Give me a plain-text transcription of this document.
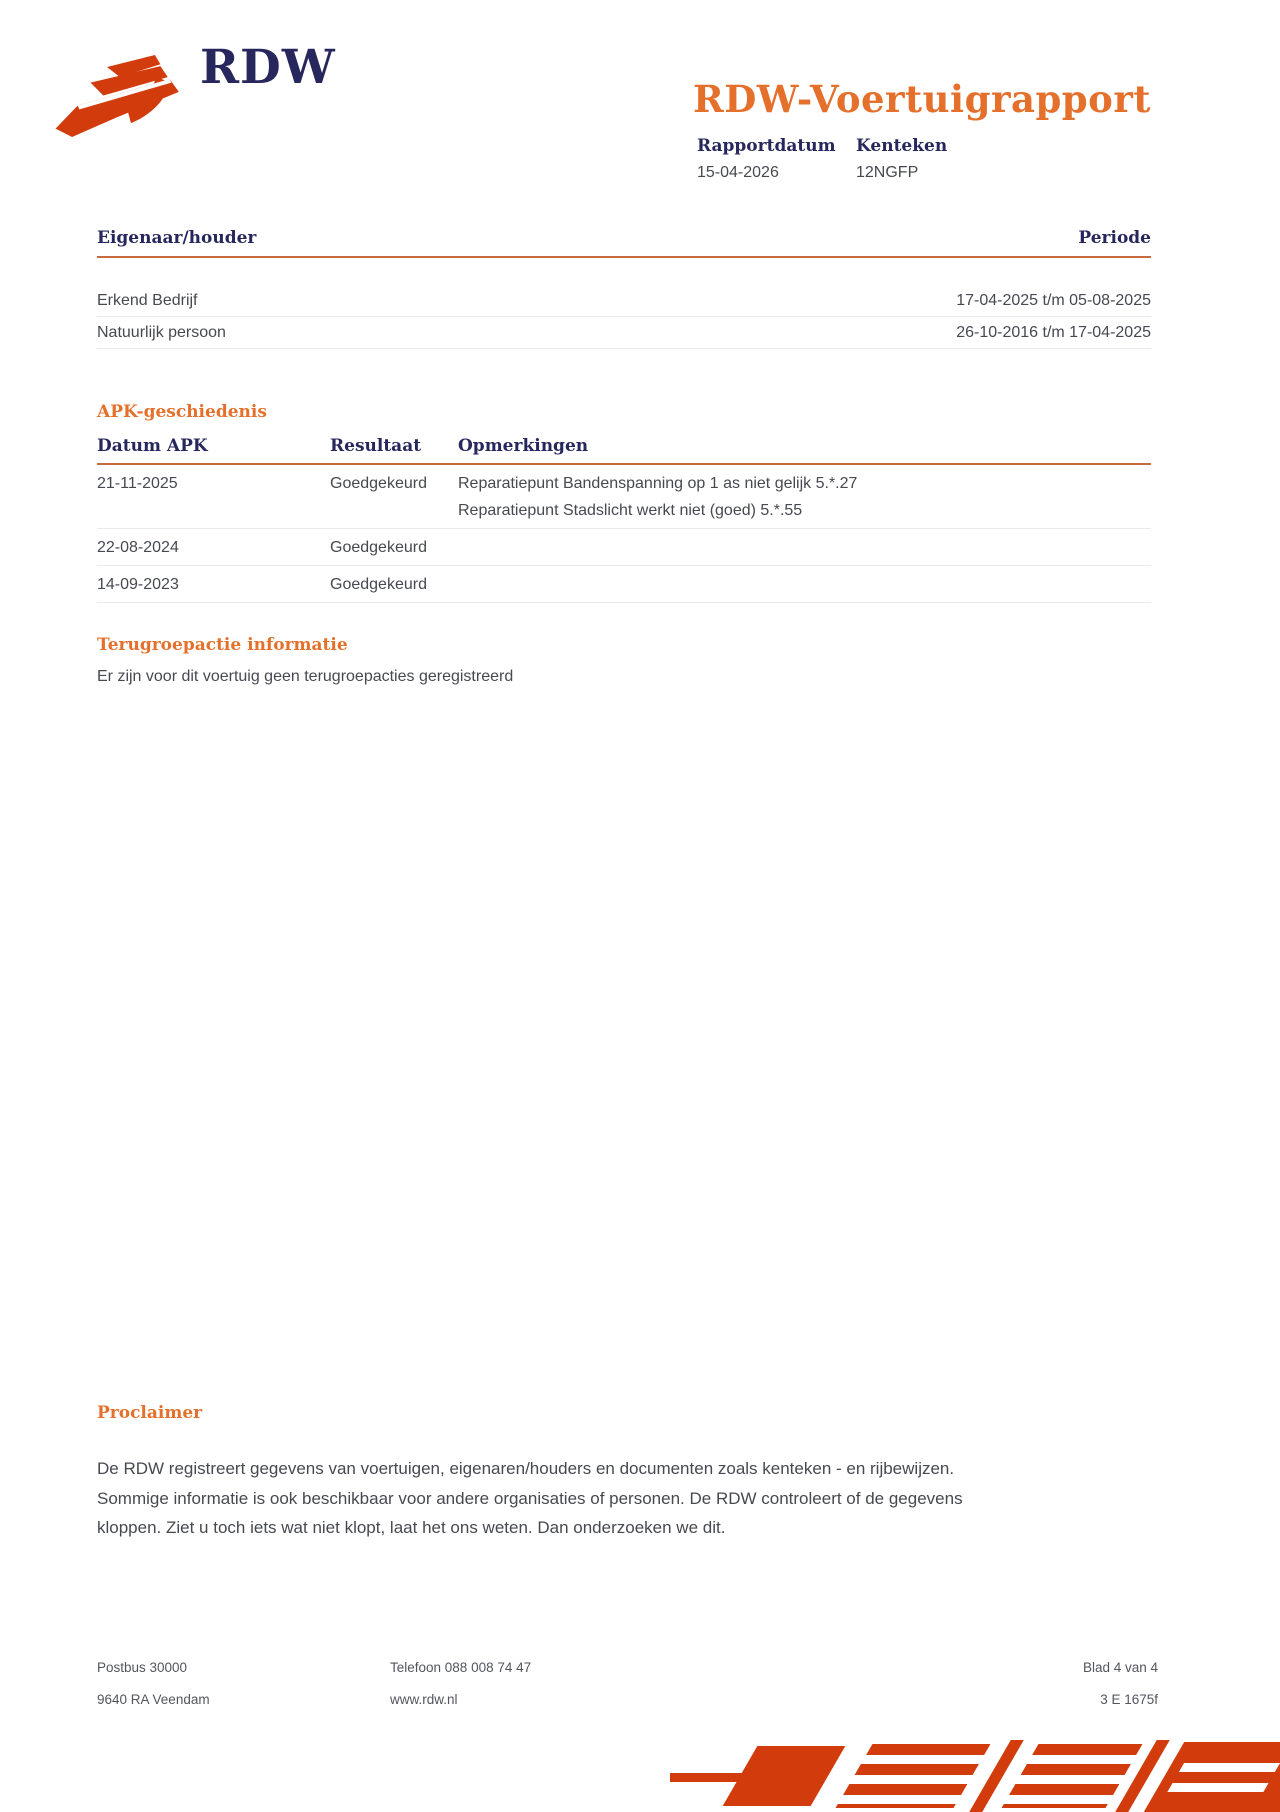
RDW
RDW-Voertuigrapport
Rapportdatum
15-04-2026
Kenteken
12NGFP
Eigenaar/houder	Periode
Erkend Bedrijf	17-04-2025 t/m 05-08-2025
Natuurlijk persoon	26-10-2016 t/m 17-04-2025
APK-geschiedenis
Datum APK	Resultaat	Opmerkingen
21-11-2025	Goedgekeurd	Reparatiepunt Bandenspanning op 1 as niet gelijk 5.*.27
Reparatiepunt Stadslicht werkt niet (goed) 5.*.55
22-08-2024	Goedgekeurd
14-09-2023	Goedgekeurd
Terugroepactie informatie

Er zijn voor dit voertuig geen terugroepacties geregistreerd

Proclaimer
De RDW registreert gegevens van voertuigen, eigenaren/houders en documenten zoals kenteken - en rijbewijzen.
Sommige informatie is ook beschikbaar voor andere organisaties of personen. De RDW controleert of de gegevens
kloppen. Ziet u toch iets wat niet klopt, laat het ons weten. Dan onderzoeken we dit.
Postbus 30000	Telefoon 088 008 74 47	Blad 4 van 4
9640 RA Veendam	www.rdw.nl	3 E 1675f
